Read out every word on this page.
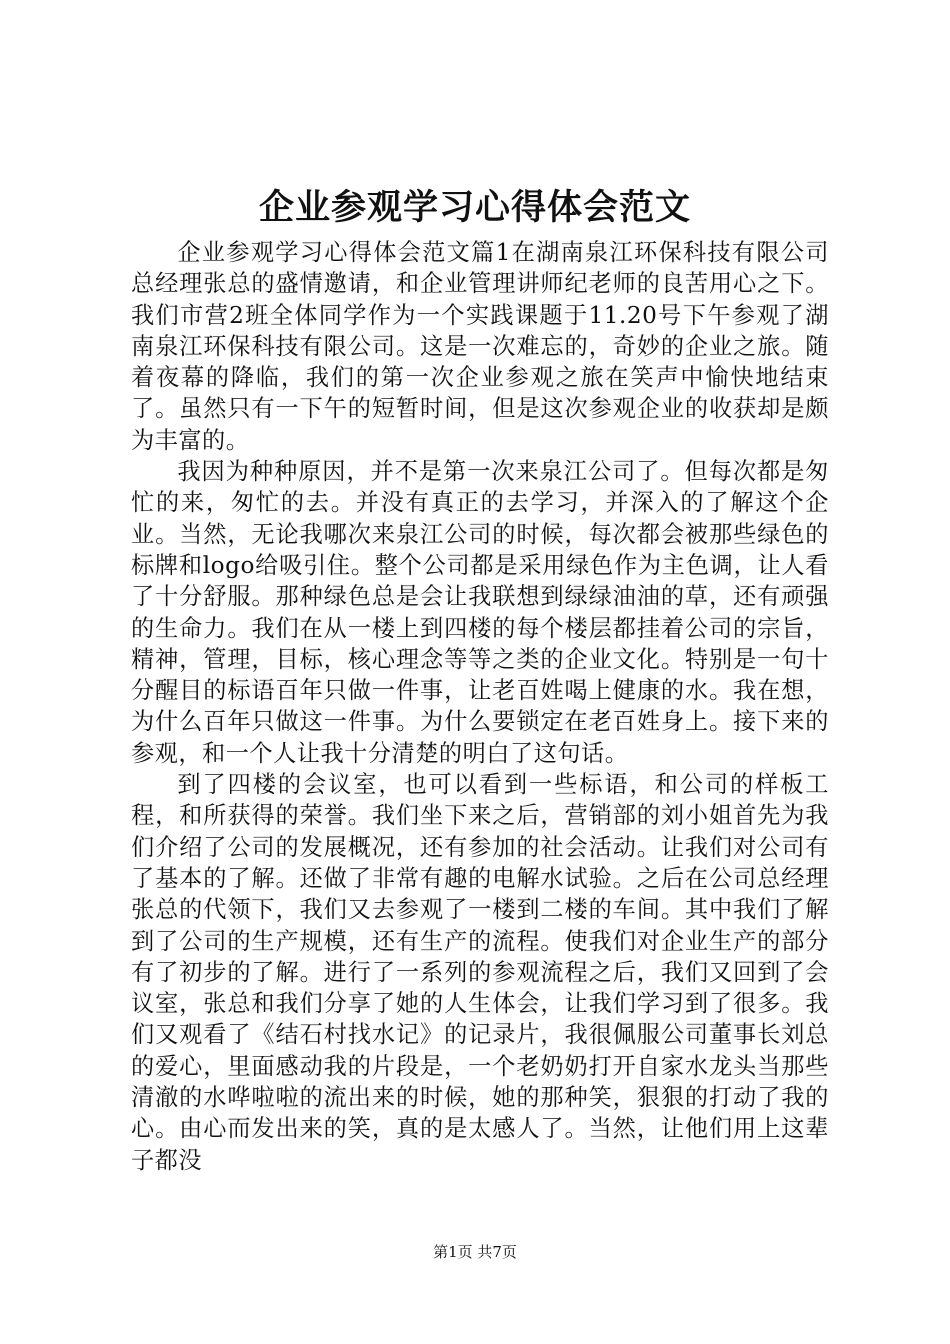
企业参观学习心得体会范文

企业参观学习心得体会范文篇1在湖南泉江环保科技有限公司总经理张总的盛情邀请，和企业管理讲师纪老师的良苦用心之下。我们市营2班全体同学作为一个实践课题于11.20号下午参观了湖南泉江环保科技有限公司。这是一次难忘的，奇妙的企业之旅。随着夜幕的降临，我们的第一次企业参观之旅在笑声中愉快地结束了。虽然只有一下午的短暂时间，但是这次参观企业的收获却是颇为丰富的。

我因为种种原因，并不是第一次来泉江公司了。但每次都是匆忙的来，匆忙的去。并没有真正的去学习，并深入的了解这个企业。当然，无论我哪次来泉江公司的时候，每次都会被那些绿色的标牌和logo给吸引住。整个公司都是采用绿色作为主色调，让人看了十分舒服。那种绿色总是会让我联想到绿绿油油的草，还有顽强的生命力。我们在从一楼上到四楼的每个楼层都挂着公司的宗旨，精神，管理，目标，核心理念等等之类的企业文化。特别是一句十分醒目的标语百年只做一件事，让老百姓喝上健康的水。我在想，为什么百年只做这一件事。为什么要锁定在老百姓身上。接下来的参观，和一个人让我十分清楚的明白了这句话。

到了四楼的会议室，也可以看到一些标语，和公司的样板工程，和所获得的荣誉。我们坐下来之后，营销部的刘小姐首先为我们介绍了公司的发展概况，还有参加的社会活动。让我们对公司有了基本的了解。还做了非常有趣的电解水试验。之后在公司总经理张总的代领下，我们又去参观了一楼到二楼的车间。其中我们了解到了公司的生产规模，还有生产的流程。使我们对企业生产的部分有了初步的了解。进行了一系列的参观流程之后，我们又回到了会议室，张总和我们分享了她的人生体会，让我们学习到了很多。我们又观看了《结石村找水记》的记录片，我很佩服公司董事长刘总的爱心，里面感动我的片段是，一个老奶奶打开自家水龙头当那些清澈的水哗啦啦的流出来的时候，她的那种笑，狠狠的打动了我的心。由心而发出来的笑，真的是太感人了。当然，让他们用上这辈子都没

第1页 共7页
